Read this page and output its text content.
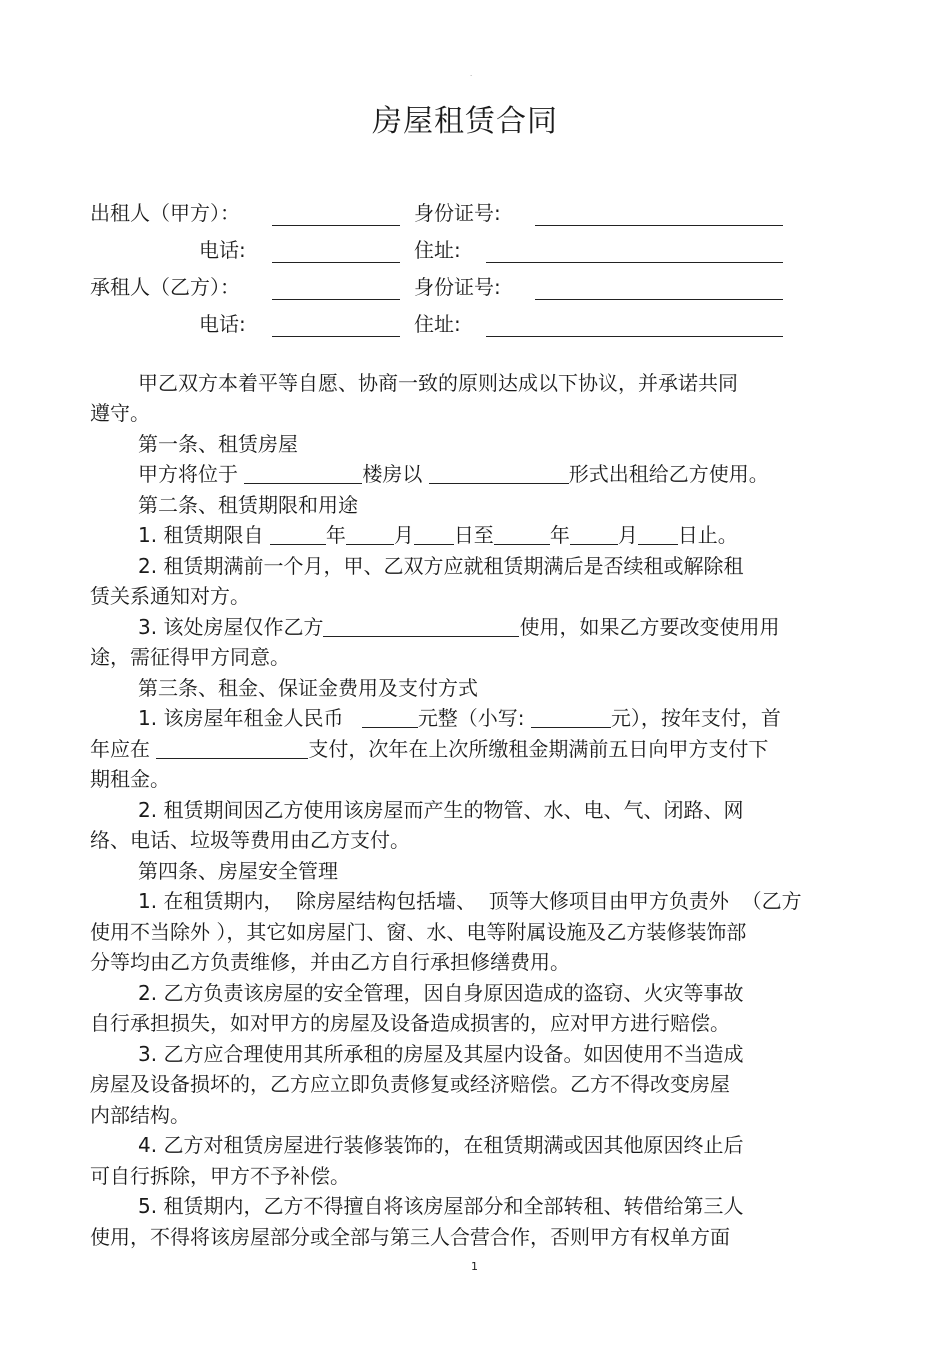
·
房屋租赁合同
出租人（甲方）：	身份证号:
电话:	住址:
承租人（乙方）：	身份证号:
电话:	住址:
甲乙双方本着平等自愿、协商一致的原则达成以下协议，并承诺共同
遵守。
第一条、租赁房屋
甲方将位于	楼房以	形式出租给乙方使用。
第二条、租赁期限和用途
1. 租赁期限自	年 月 日至	年 月 日止。
2. 租赁期满前一个月，甲、乙双方应就租赁期满后是否续租或解除租
赁关系通知对方。
3. 该处房屋仅作乙方	使用，如果乙方要改变使用用
途，需征得甲方同意。
第三条、租金、保证金费用及支付方式
1. 该房屋年租金人民币	元整（小写:	元），按年支付，首
年应在	支付，次年在上次所缴租金期满前五日向甲方支付下
期租金。
2. 租赁期间因乙方使用该房屋而产生的物管、水、电、气、闭路、网
络、电话、垃圾等费用由乙方支付。
第四条、房屋安全管理
1. 在租赁期内，  除房屋结构包括墙、  顶等大修项目由甲方负责外  （乙方
使用不当除外 ），其它如房屋门、窗、水、电等附属设施及乙方装修装饰部
分等均由乙方负责维修，并由乙方自行承担修缮费用。
2. 乙方负责该房屋的安全管理，因自身原因造成的盗窃、火灾等事故
自行承担损失，如对甲方的房屋及设备造成损害的，应对甲方进行赔偿。
3. 乙方应合理使用其所承租的房屋及其屋内设备。如因使用不当造成
房屋及设备损坏的，乙方应立即负责修复或经济赔偿。乙方不得改变房屋
内部结构。
4. 乙方对租赁房屋进行装修装饰的，在租赁期满或因其他原因终止后
可自行拆除，甲方不予补偿。
5. 租赁期内，乙方不得擅自将该房屋部分和全部转租、转借给第三人
使用，不得将该房屋部分或全部与第三人合营合作，否则甲方有权单方面
1
